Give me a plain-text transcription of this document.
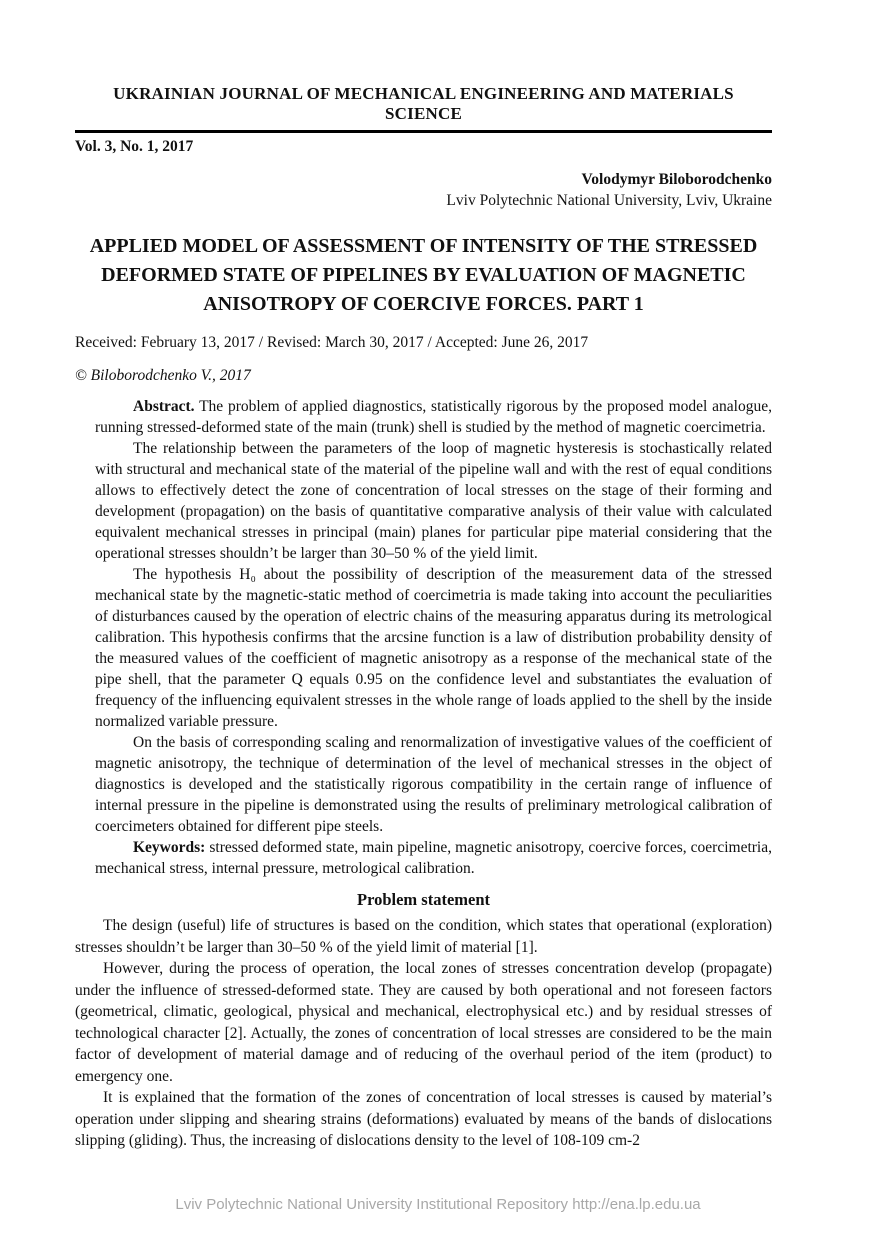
UKRAINIAN JOURNAL OF MECHANICAL ENGINEERING AND MATERIALS SCIENCE
Vol. 3, No. 1, 2017
Volodymyr Biloborodchenko
Lviv Polytechnic National University, Lviv, Ukraine
APPLIED MODEL OF ASSESSMENT OF INTENSITY OF THE STRESSED
DEFORMED STATE OF PIPELINES BY EVALUATION OF MAGNETIC
ANISOTROPY OF COERCIVE FORCES. PART 1
Received: February 13, 2017 / Revised: March 30, 2017 / Accepted: June 26, 2017
© Biloborodchenko V., 2017

Abstract. The problem of applied diagnostics, statistically rigorous by the proposed model analogue, running stressed-deformed state of the main (trunk) shell is studied by the method of magnetic coercimetria.

The relationship between the parameters of the loop of magnetic hysteresis is stochastically related with structural and mechanical state of the material of the pipeline wall and with the rest of equal conditions allows to effectively detect the zone of concentration of local stresses on the stage of their forming and development (propagation) on the basis of quantitative comparative analysis of their value with calculated equivalent mechanical stresses in principal (main) planes for particular pipe material considering that the operational stresses shouldn’t be larger than 30–50 % of the yield limit.

The hypothesis H₀ about the possibility of description of the measurement data of the stressed mechanical state by the magnetic-static method of coercimetria is made taking into account the peculiarities of disturbances caused by the operation of electric chains of the measuring apparatus during its metrological calibration. This hypothesis confirms that the arcsine function is a law of distribution probability density of the measured values of the coefficient of magnetic anisotropy as a response of the mechanical state of the pipe shell, that the parameter Q equals 0.95 on the confidence level and substantiates the evaluation of frequency of the influencing equivalent stresses in the whole range of loads applied to the shell by the inside normalized variable pressure.

On the basis of corresponding scaling and renormalization of investigative values of the coefficient of magnetic anisotropy, the technique of determination of the level of mechanical stresses in the object of diagnostics is developed and the statistically rigorous compatibility in the certain range of influence of internal pressure in the pipeline is demonstrated using the results of preliminary metrological calibration of coercimeters obtained for different pipe steels.

Keywords: stressed deformed state, main pipeline, magnetic anisotropy, coercive forces, coercimetria, mechanical stress, internal pressure, metrological calibration.

Problem statement

The design (useful) life of structures is based on the condition, which states that operational (exploration) stresses shouldn’t be larger than 30–50 % of the yield limit of material [1].

However, during the process of operation, the local zones of stresses concentration develop (propagate) under the influence of stressed-deformed state. They are caused by both operational and not foreseen factors (geometrical, climatic, geological, physical and mechanical, electrophysical etc.) and by residual stresses of technological character [2]. Actually, the zones of concentration of local stresses are considered to be the main factor of development of material damage and of reducing of the overhaul period of the item (product) to emergency one.

It is explained that the formation of the zones of concentration of local stresses is caused by material’s operation under slipping and shearing strains (deformations) evaluated by means of the bands of dislocations slipping (gliding). Thus, the increasing of dislocations density to the level of 108-109 cm-2

Lviv Polytechnic National University Institutional Repository http://ena.lp.edu.ua
